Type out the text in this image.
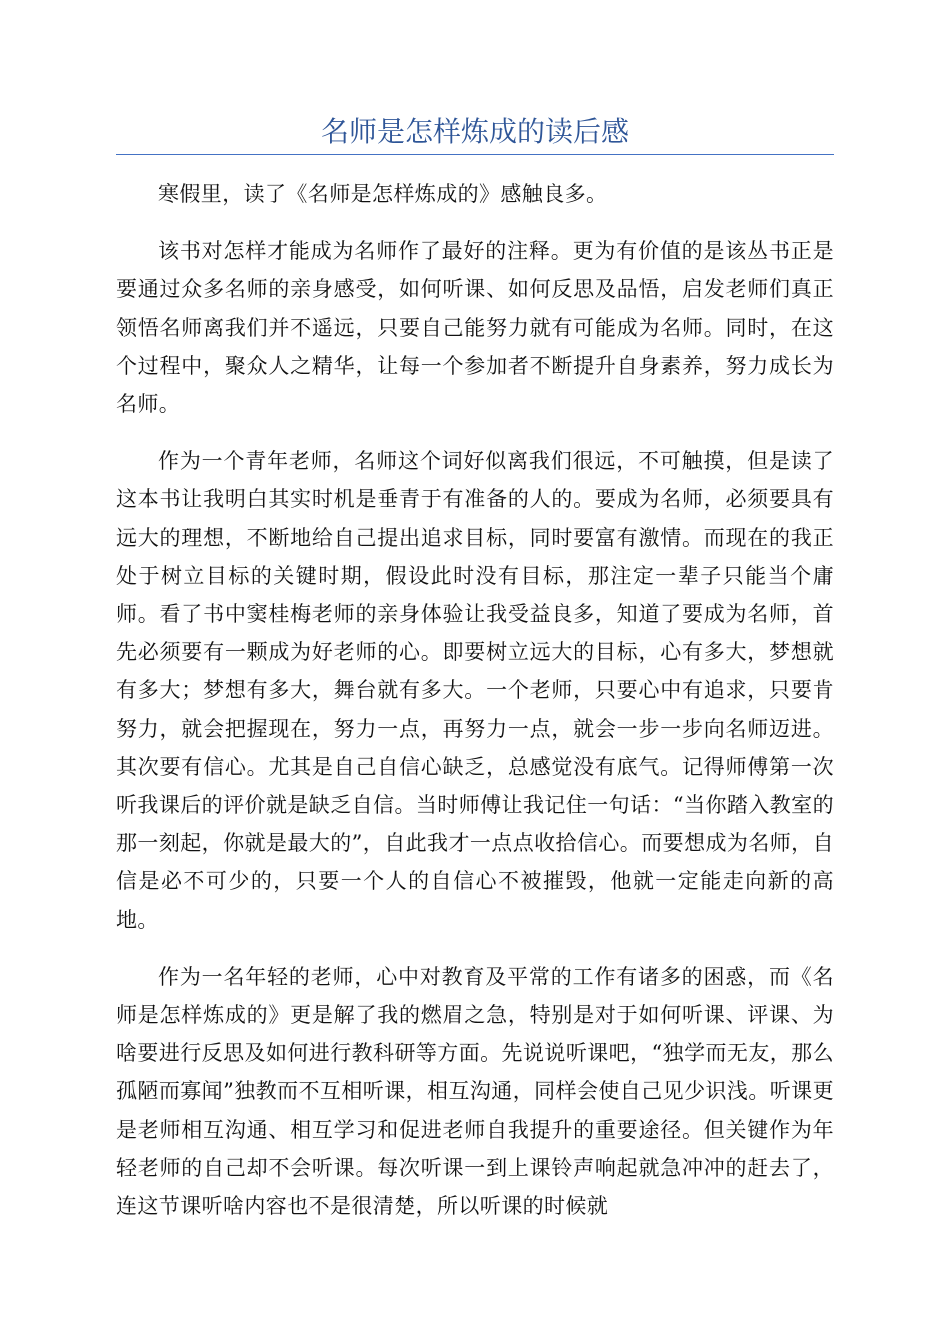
名师是怎样炼成的读后感

寒假里，读了《名师是怎样炼成的》感触良多。

该书对怎样才能成为名师作了最好的注释。更为有价值的是该丛书正是要通过众多名师的亲身感受，如何听课、如何反思及品悟，启发老师们真正领悟名师离我们并不遥远，只要自己能努力就有可能成为名师。同时，在这个过程中，聚众人之精华，让每一个参加者不断提升自身素养，努力成长为名师。

作为一个青年老师，名师这个词好似离我们很远，不可触摸，但是读了这本书让我明白其实时机是垂青于有准备的人的。要成为名师，必须要具有远大的理想，不断地给自己提出追求目标，同时要富有激情。而现在的我正处于树立目标的关键时期，假设此时没有目标，那注定一辈子只能当个庸师。看了书中窦桂梅老师的亲身体验让我受益良多，知道了要成为名师，首先必须要有一颗成为好老师的心。即要树立远大的目标，心有多大，梦想就有多大；梦想有多大，舞台就有多大。一个老师，只要心中有追求，只要肯努力，就会把握现在，努力一点，再努力一点，就会一步一步向名师迈进。其次要有信心。尤其是自己自信心缺乏，总感觉没有底气。记得师傅第一次听我课后的评价就是缺乏自信。当时师傅让我记住一句话：“当你踏入教室的那一刻起，你就是最大的”，自此我才一点点收拾信心。而要想成为名师，自信是必不可少的，只要一个人的自信心不被摧毁，他就一定能走向新的高地。

作为一名年轻的老师，心中对教育及平常的工作有诸多的困惑，而《名师是怎样炼成的》更是解了我的燃眉之急，特别是对于如何听课、评课、为啥要进行反思及如何进行教科研等方面。先说说听课吧，“独学而无友，那么孤陋而寡闻”独教而不互相听课，相互沟通，同样会使自己见少识浅。听课更是老师相互沟通、相互学习和促进老师自我提升的重要途径。但关键作为年轻老师的自己却不会听课。每次听课一到上课铃声响起就急冲冲的赶去了，连这节课听啥内容也不是很清楚，所以听课的时候就
